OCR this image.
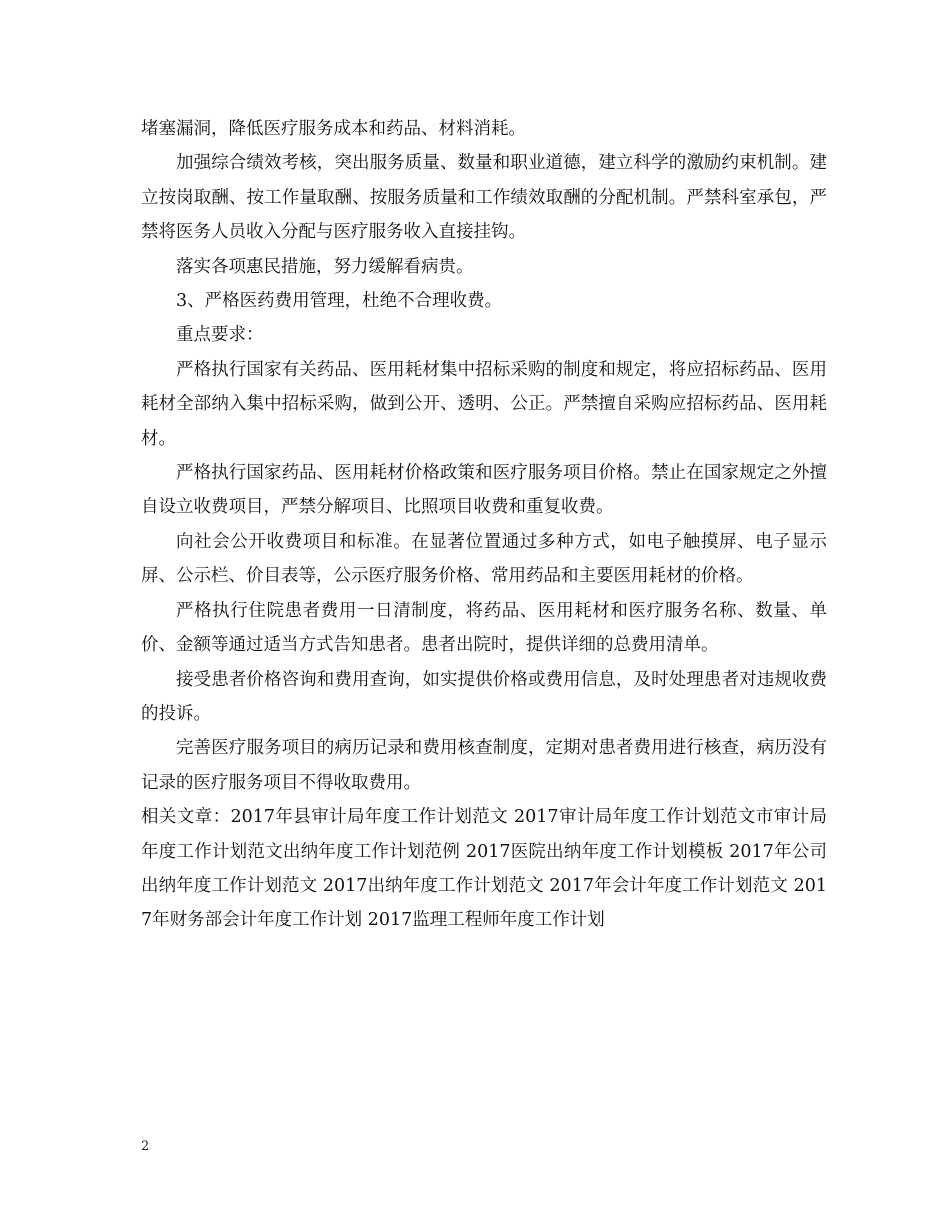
堵塞漏洞，降低医疗服务成本和药品、材料消耗。

加强综合绩效考核，突出服务质量、数量和职业道德，建立科学的激励约束机制。建立按岗取酬、按工作量取酬、按服务质量和工作绩效取酬的分配机制。严禁科室承包，严禁将医务人员收入分配与医疗服务收入直接挂钩。

落实各项惠民措施，努力缓解看病贵。

3、严格医药费用管理，杜绝不合理收费。

重点要求：

严格执行国家有关药品、医用耗材集中招标采购的制度和规定，将应招标药品、医用耗材全部纳入集中招标采购，做到公开、透明、公正。严禁擅自采购应招标药品、医用耗材。

严格执行国家药品、医用耗材价格政策和医疗服务项目价格。禁止在国家规定之外擅自设立收费项目，严禁分解项目、比照项目收费和重复收费。

向社会公开收费项目和标准。在显著位置通过多种方式，如电子触摸屏、电子显示屏、公示栏、价目表等，公示医疗服务价格、常用药品和主要医用耗材的价格。

严格执行住院患者费用一日清制度，将药品、医用耗材和医疗服务名称、数量、单价、金额等通过适当方式告知患者。患者出院时，提供详细的总费用清单。

接受患者价格咨询和费用查询，如实提供价格或费用信息，及时处理患者对违规收费的投诉。

完善医疗服务项目的病历记录和费用核查制度，定期对患者费用进行核查，病历没有记录的医疗服务项目不得收取费用。

相关文章：2017年县审计局年度工作计划范文 2017审计局年度工作计划范文市审计局年度工作计划范文出纳年度工作计划范例 2017医院出纳年度工作计划模板 2017年公司出纳年度工作计划范文 2017出纳年度工作计划范文 2017年会计年度工作计划范文 2017年财务部会计年度工作计划 2017监理工程师年度工作计划

2
